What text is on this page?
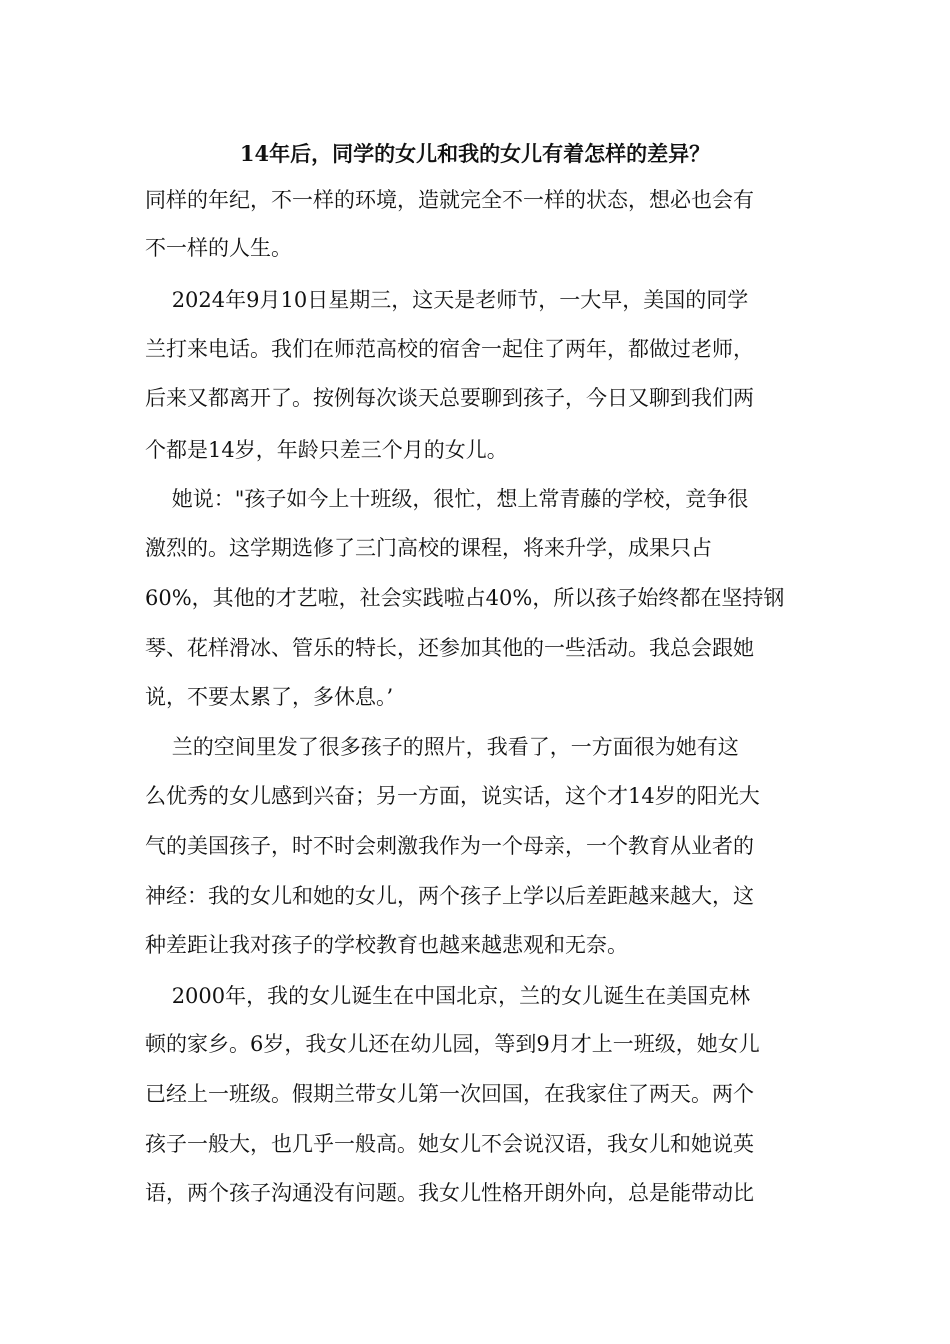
14年后，同学的女儿和我的女儿有着怎样的差异？
同样的年纪，不一样的环境，造就完全不一样的状态，想必也会有
不一样的人生。
2024年9月10日星期三，这天是老师节，一大早，美国的同学
兰打来电话。我们在师范高校的宿舍一起住了两年，都做过老师，
后来又都离开了。按例每次谈天总要聊到孩子，今日又聊到我们两
个都是14岁，年龄只差三个月的女儿。
她说："孩子如今上十班级，很忙，想上常青藤的学校，竞争很
激烈的。这学期选修了三门高校的课程，将来升学，成果只占
60%，其他的才艺啦，社会实践啦占40%，所以孩子始终都在坚持钢
琴、花样滑冰、管乐的特长，还参加其他的一些活动。我总会跟她
说，不要太累了，多休息。’
兰的空间里发了很多孩子的照片，我看了，一方面很为她有这
么优秀的女儿感到兴奋；另一方面，说实话，这个才14岁的阳光大
气的美国孩子，时不时会刺激我作为一个母亲，一个教育从业者的
神经：我的女儿和她的女儿，两个孩子上学以后差距越来越大，这
种差距让我对孩子的学校教育也越来越悲观和无奈。
2000年，我的女儿诞生在中国北京，兰的女儿诞生在美国克林
顿的家乡。6岁，我女儿还在幼儿园，等到9月才上一班级，她女儿
已经上一班级。假期兰带女儿第一次回国，在我家住了两天。两个
孩子一般大，也几乎一般高。她女儿不会说汉语，我女儿和她说英
语，两个孩子沟通没有问题。我女儿性格开朗外向，总是能带动比
